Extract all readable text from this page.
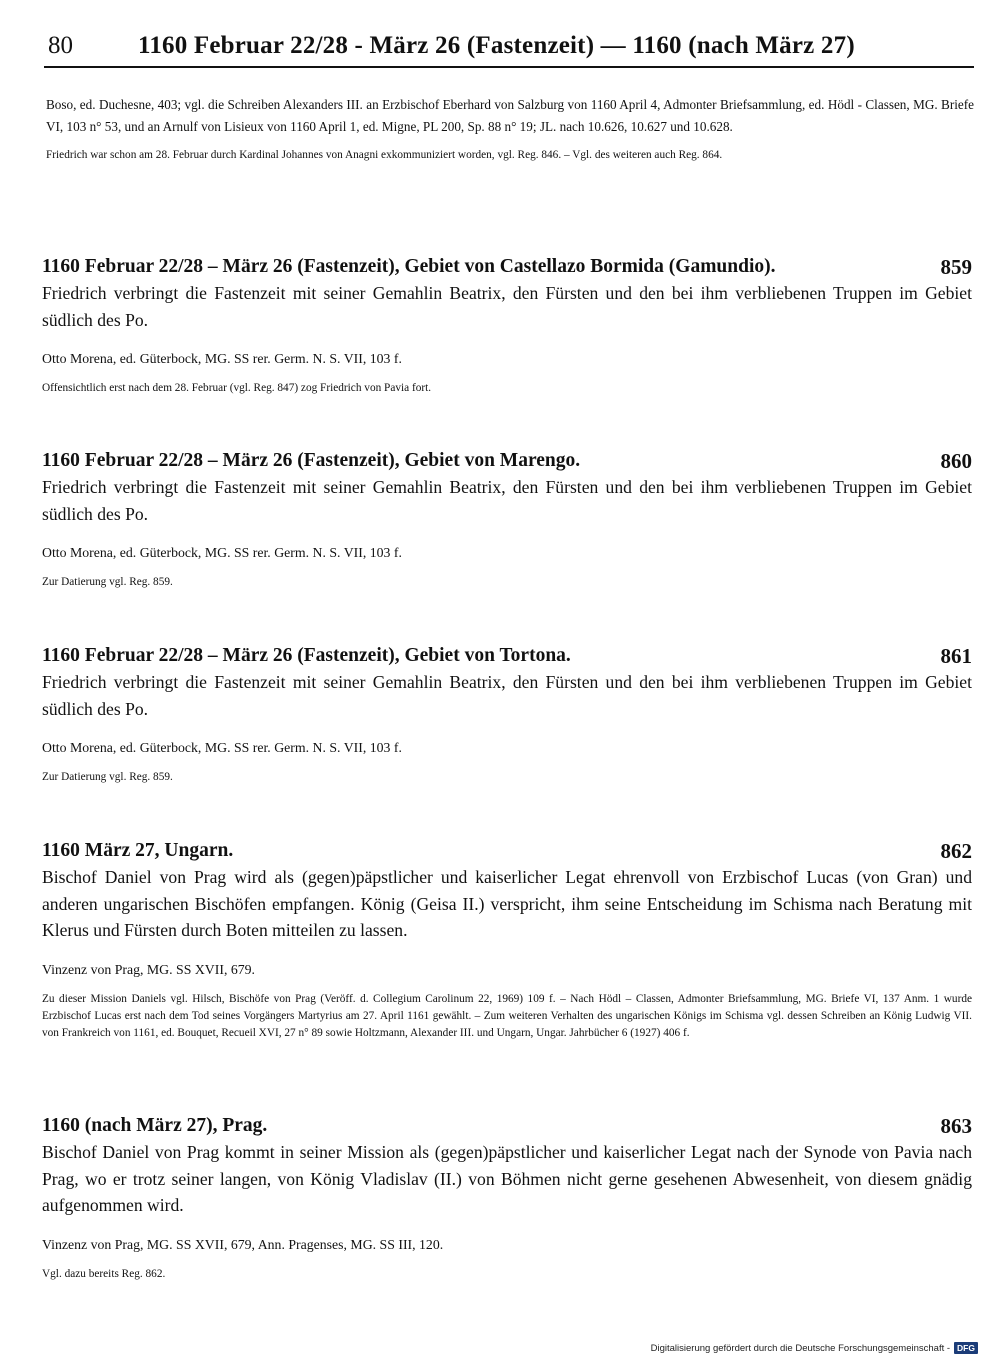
80	1160 Februar 22/28 - März 26 (Fastenzeit) — 1160 (nach März 27)

Boso, ed. Duchesne, 403; vgl. die Schreiben Alexanders III. an Erzbischof Eberhard von Salzburg von 1160 April 4, Admonter Briefsammlung, ed. Hödl - Classen, MG. Briefe VI, 103 n° 53, und an Arnulf von Lisieux von 1160 April 1, ed. Migne, PL 200, Sp. 88 n° 19; JL. nach 10.626, 10.627 und 10.628.

Friedrich war schon am 28. Februar durch Kardinal Johannes von Anagni exkommuniziert worden, vgl. Reg. 846. – Vgl. des weiteren auch Reg. 864.

1160 Februar 22/28 – März 26 (Fastenzeit), Gebiet von Castellazo Bormida (Gamundio).	859

Friedrich verbringt die Fastenzeit mit seiner Gemahlin Beatrix, den Fürsten und den bei ihm verbliebenen Truppen im Gebiet südlich des Po.

Otto Morena, ed. Güterbock, MG. SS rer. Germ. N. S. VII, 103 f.

Offensichtlich erst nach dem 28. Februar (vgl. Reg. 847) zog Friedrich von Pavia fort.

1160 Februar 22/28 – März 26 (Fastenzeit), Gebiet von Marengo.	860

Friedrich verbringt die Fastenzeit mit seiner Gemahlin Beatrix, den Fürsten und den bei ihm verbliebenen Truppen im Gebiet südlich des Po.

Otto Morena, ed. Güterbock, MG. SS rer. Germ. N. S. VII, 103 f.

Zur Datierung vgl. Reg. 859.

1160 Februar 22/28 – März 26 (Fastenzeit), Gebiet von Tortona.	861

Friedrich verbringt die Fastenzeit mit seiner Gemahlin Beatrix, den Fürsten und den bei ihm verbliebenen Truppen im Gebiet südlich des Po.

Otto Morena, ed. Güterbock, MG. SS rer. Germ. N. S. VII, 103 f.

Zur Datierung vgl. Reg. 859.

1160 März 27, Ungarn.	862

Bischof Daniel von Prag wird als (gegen)päpstlicher und kaiserlicher Legat ehrenvoll von Erzbischof Lucas (von Gran) und anderen ungarischen Bischöfen empfangen. König (Geisa II.) verspricht, ihm seine Entscheidung im Schisma nach Beratung mit Klerus und Fürsten durch Boten mitteilen zu lassen.

Vinzenz von Prag, MG. SS XVII, 679.

Zu dieser Mission Daniels vgl. Hilsch, Bischöfe von Prag (Veröff. d. Collegium Carolinum 22, 1969) 109 f. – Nach Hödl – Classen, Admonter Briefsammlung, MG. Briefe VI, 137 Anm. 1 wurde Erzbischof Lucas erst nach dem Tod seines Vorgängers Martyrius am 27. April 1161 gewählt. – Zum weiteren Verhalten des ungarischen Königs im Schisma vgl. dessen Schreiben an König Ludwig VII. von Frankreich von 1161, ed. Bouquet, Recueil XVI, 27 n° 89 sowie Holtzmann, Alexander III. und Ungarn, Ungar. Jahrbücher 6 (1927) 406 f.

1160 (nach März 27), Prag.	863

Bischof Daniel von Prag kommt in seiner Mission als (gegen)päpstlicher und kaiserlicher Legat nach der Synode von Pavia nach Prag, wo er trotz seiner langen, von König Vladislav (II.) von Böhmen nicht gerne gesehenen Abwesenheit, von diesem gnädig aufgenommen wird.

Vinzenz von Prag, MG. SS XVII, 679, Ann. Pragenses, MG. SS III, 120.

Vgl. dazu bereits Reg. 862.

Digitalisierung gefördert durch die Deutsche Forschungsgemeinschaft - DFG
